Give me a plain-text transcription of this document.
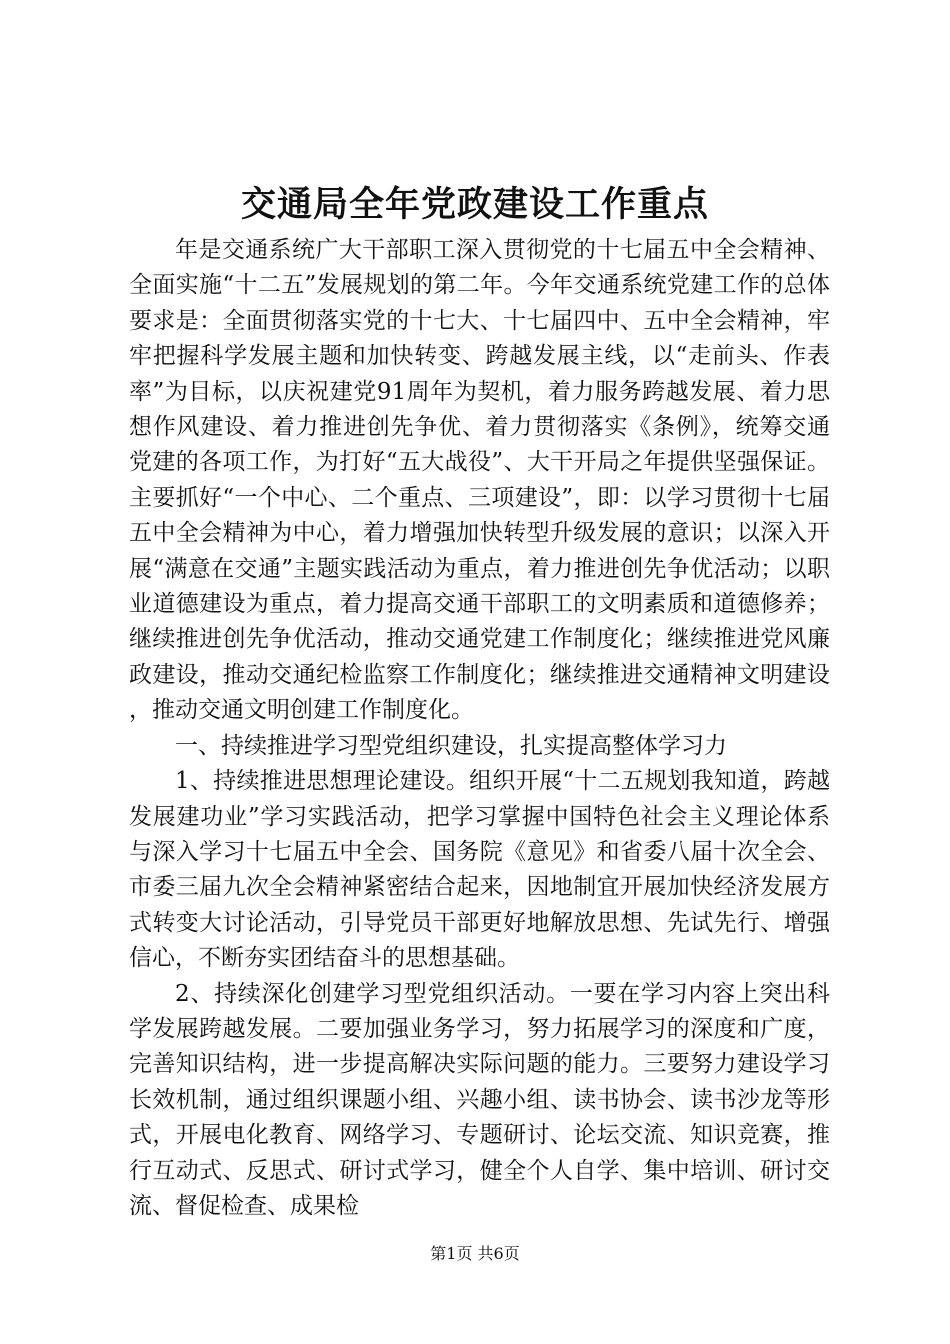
交通局全年党政建设工作重点

年是交通系统广大干部职工深入贯彻党的十七届五中全会精神、全面实施“十二五”发展规划的第二年。今年交通系统党建工作的总体要求是：全面贯彻落实党的十七大、十七届四中、五中全会精神，牢牢把握科学发展主题和加快转变、跨越发展主线，以“走前头、作表率”为目标，以庆祝建党91周年为契机，着力服务跨越发展、着力思想作风建设、着力推进创先争优、着力贯彻落实《条例》，统筹交通党建的各项工作，为打好“五大战役”、大干开局之年提供坚强保证。主要抓好“一个中心、二个重点、三项建设”，即：以学习贯彻十七届五中全会精神为中心，着力增强加快转型升级发展的意识；以深入开展“满意在交通”主题实践活动为重点，着力推进创先争优活动；以职业道德建设为重点，着力提高交通干部职工的文明素质和道德修养；继续推进创先争优活动，推动交通党建工作制度化；继续推进党风廉政建设，推动交通纪检监察工作制度化；继续推进交通精神文明建设，推动交通文明创建工作制度化。

一、持续推进学习型党组织建设，扎实提高整体学习力

1、持续推进思想理论建设。组织开展“十二五规划我知道，跨越发展建功业”学习实践活动，把学习掌握中国特色社会主义理论体系与深入学习十七届五中全会、国务院《意见》和省委八届十次全会、市委三届九次全会精神紧密结合起来，因地制宜开展加快经济发展方式转变大讨论活动，引导党员干部更好地解放思想、先试先行、增强信心，不断夯实团结奋斗的思想基础。

2、持续深化创建学习型党组织活动。一要在学习内容上突出科学发展跨越发展。二要加强业务学习，努力拓展学习的深度和广度，完善知识结构，进一步提高解决实际问题的能力。三要努力建设学习长效机制，通过组织课题小组、兴趣小组、读书协会、读书沙龙等形式，开展电化教育、网络学习、专题研讨、论坛交流、知识竞赛，推行互动式、反思式、研讨式学习，健全个人自学、集中培训、研讨交流、督促检查、成果检

第1页 共6页
